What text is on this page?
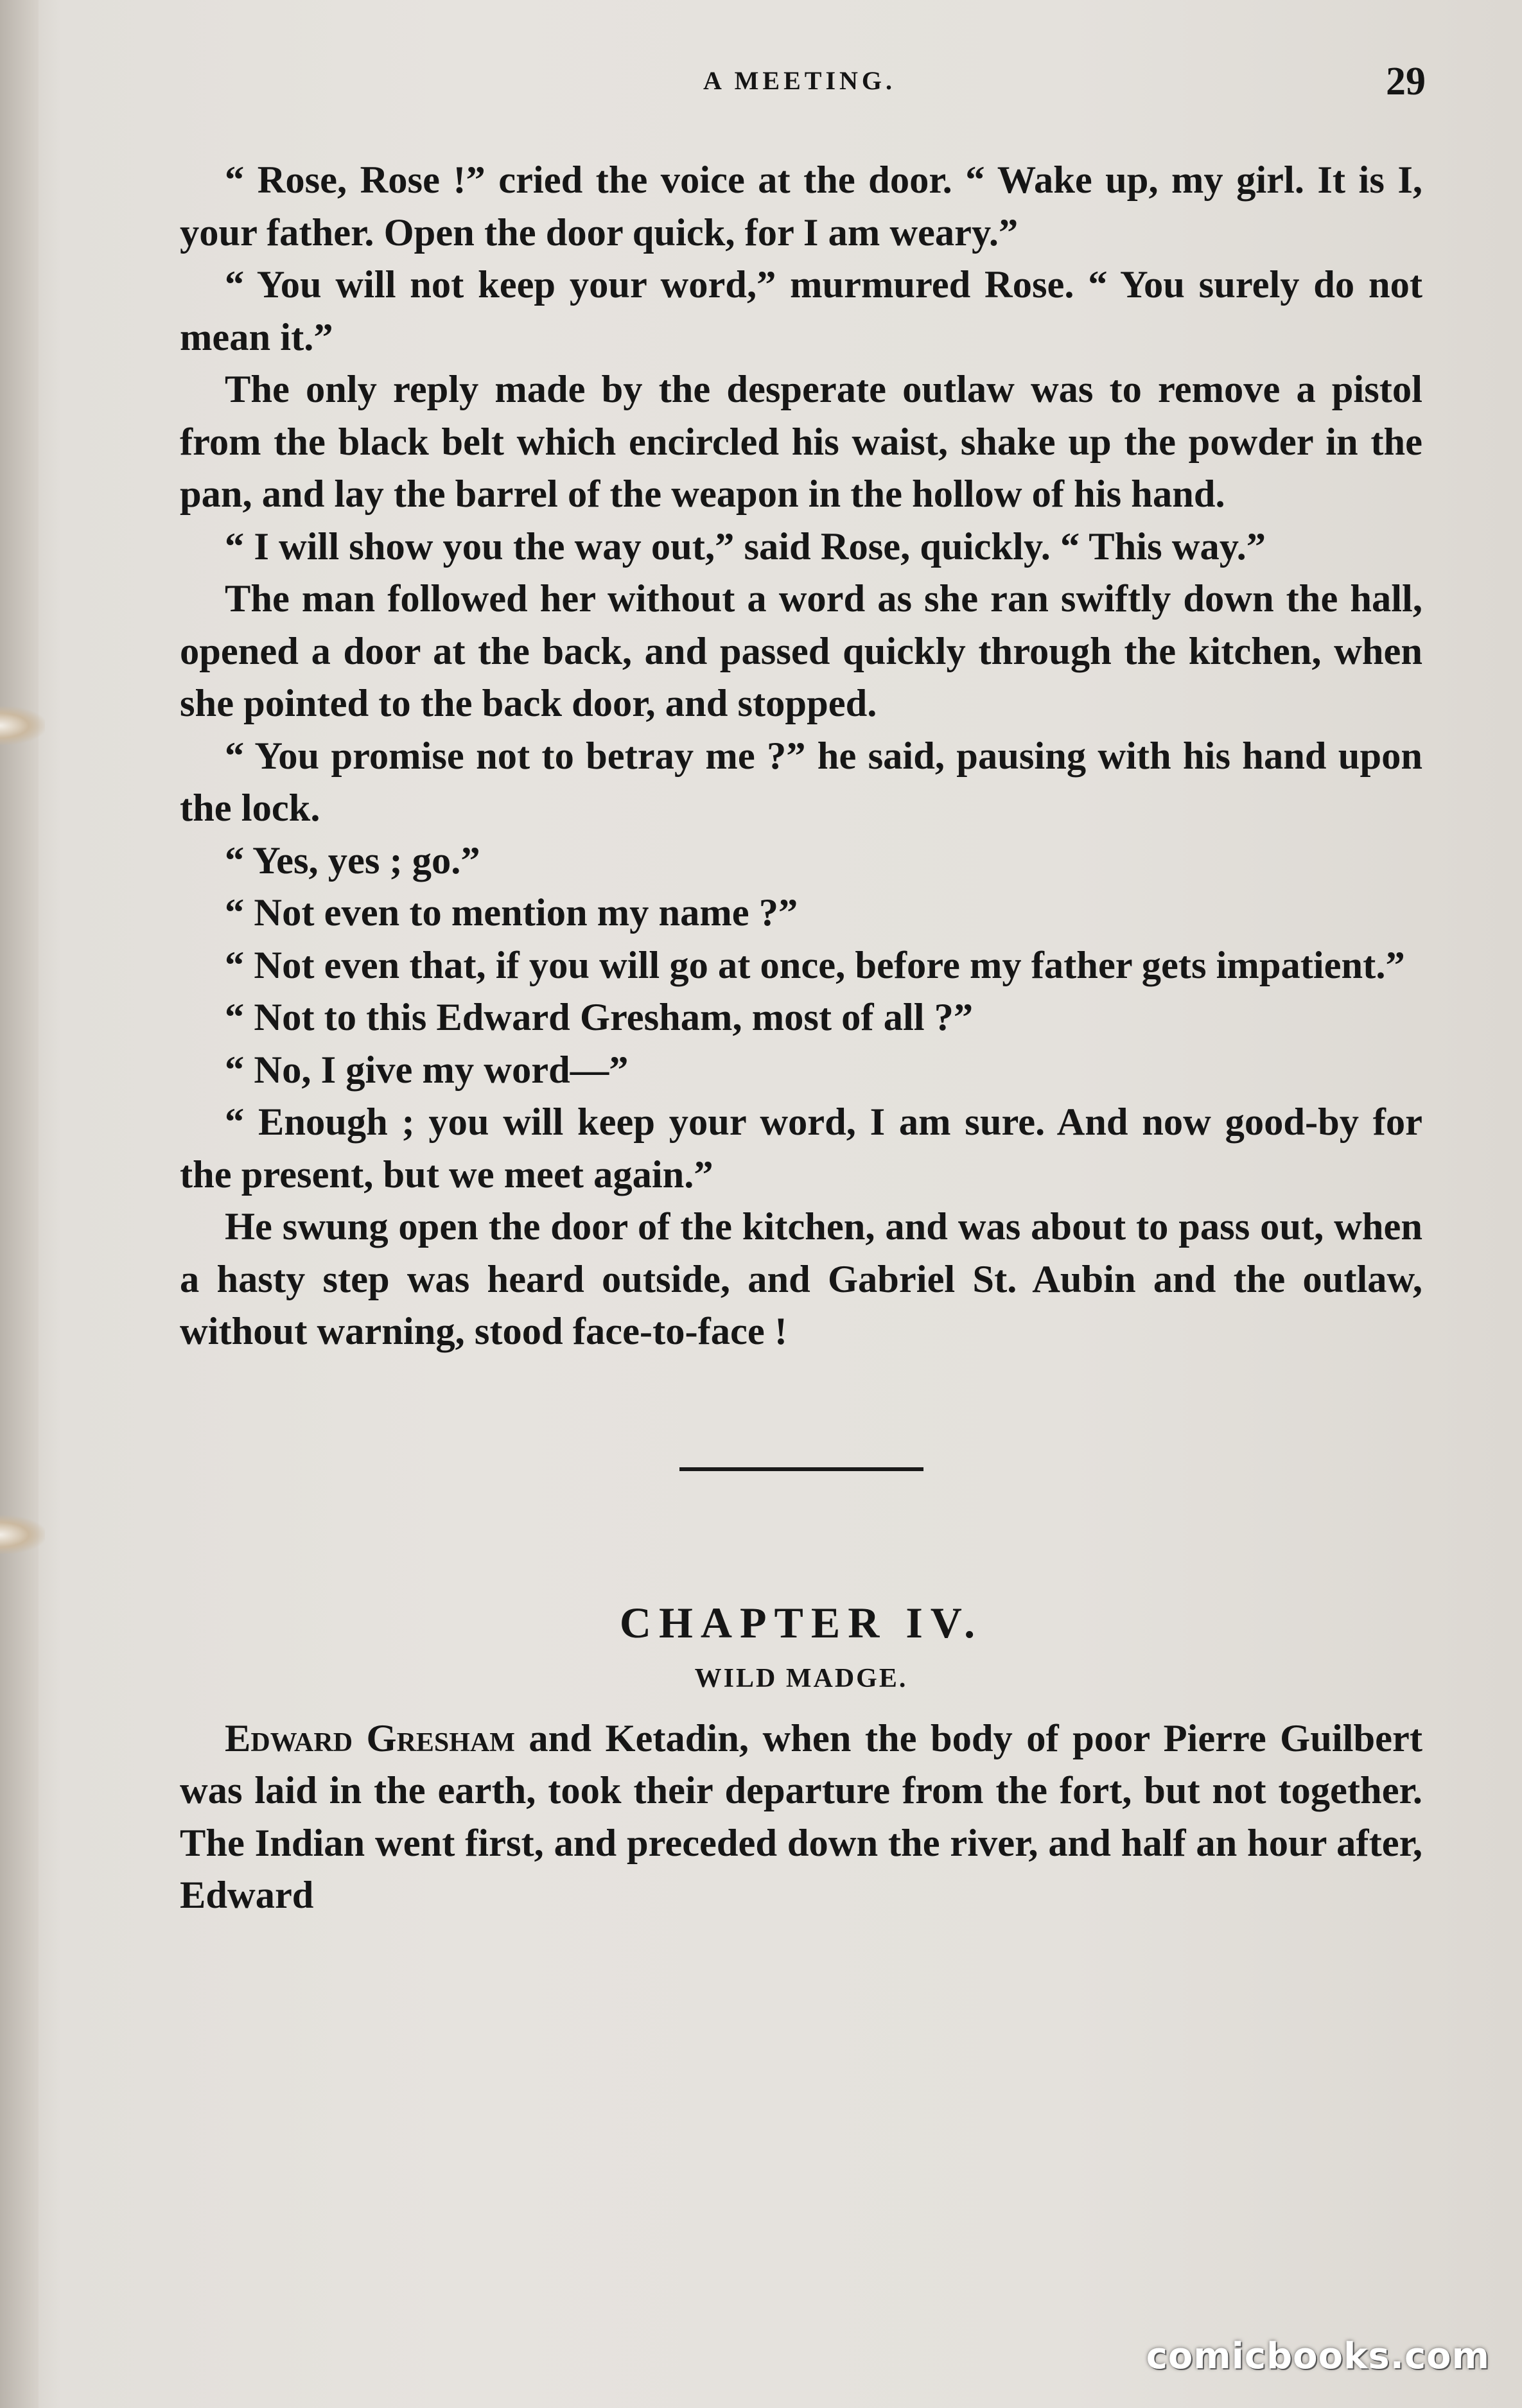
A MEETING.	29

“ Rose, Rose !” cried the voice at the door. “ Wake up, my girl. It is I, your father. Open the door quick, for I am weary.”

“ You will not keep your word,” murmured Rose. “ You surely do not mean it.”

The only reply made by the desperate outlaw was to remove a pistol from the black belt which encircled his waist, shake up the powder in the pan, and lay the barrel of the weapon in the hollow of his hand.

“ I will show you the way out,” said Rose, quickly. “ This way.”

The man followed her without a word as she ran swiftly down the hall, opened a door at the back, and passed quickly through the kitchen, when she pointed to the back door, and stopped.

“ You promise not to betray me ?” he said, pausing with his hand upon the lock.

“ Yes, yes ; go.”

“ Not even to mention my name ?”

“ Not even that, if you will go at once, before my father gets impatient.”

“ Not to this Edward Gresham, most of all ?”

“ No, I give my word—”

“ Enough ; you will keep your word, I am sure. And now good-by for the present, but we meet again.”

He swung open the door of the kitchen, and was about to pass out, when a hasty step was heard outside, and Gabriel St. Aubin and the outlaw, without warning, stood face-to-face !

CHAPTER IV.
WILD MADGE.

Edward Gresham and Ketadin, when the body of poor Pierre Guilbert was laid in the earth, took their departure from the fort, but not together. The Indian went first, and preceded down the river, and half an hour after, Edward

comicbooks.com
